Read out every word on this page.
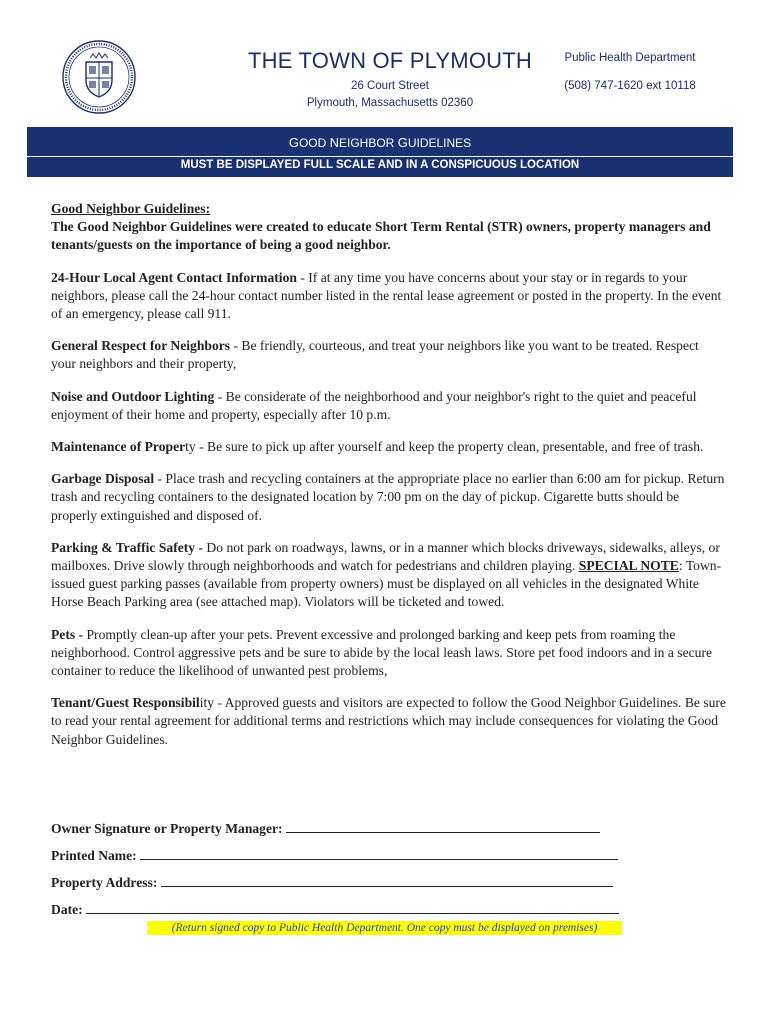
THE TOWN OF PLYMOUTH
26 Court Street
Plymouth, Massachusetts 02360
Public Health Department
(508) 747-1620 ext 10118
GOOD NEIGHBOR GUIDELINES
MUST BE DISPLAYED FULL SCALE AND IN A CONSPICUOUS LOCATION

Good Neighbor Guidelines:
The Good Neighbor Guidelines were created to educate Short Term Rental (STR) owners, property managers and tenants/guests on the importance of being a good neighbor.

24-Hour Local Agent Contact Information - If at any time you have concerns about your stay or in regards to your neighbors, please call the 24-hour contact number listed in the rental lease agreement or posted in the property. In the event of an emergency, please call 911.

General Respect for Neighbors - Be friendly, courteous, and treat your neighbors like you want to be treated. Respect your neighbors and their property,

Noise and Outdoor Lighting - Be considerate of the neighborhood and your neighbor's right to the quiet and peaceful enjoyment of their home and property, especially after 10 p.m.

Maintenance of Property - Be sure to pick up after yourself and keep the property clean, presentable, and free of trash.

Garbage Disposal - Place trash and recycling containers at the appropriate place no earlier than 6:00 am for pickup. Return trash and recycling containers to the designated location by 7:00 pm on the day of pickup. Cigarette butts should be properly extinguished and disposed of.

Parking & Traffic Safety - Do not park on roadways, lawns, or in a manner which blocks driveways, sidewalks, alleys, or mailboxes. Drive slowly through neighborhoods and watch for pedestrians and children playing. SPECIAL NOTE: Town-issued guest parking passes (available from property owners) must be displayed on all vehicles in the designated White Horse Beach Parking area (see attached map). Violators will be ticketed and towed.

Pets - Promptly clean-up after your pets. Prevent excessive and prolonged barking and keep pets from roaming the neighborhood. Control aggressive pets and be sure to abide by the local leash laws. Store pet food indoors and in a secure container to reduce the likelihood of unwanted pest problems,

Tenant/Guest Responsibility - Approved guests and visitors are expected to follow the Good Neighbor Guidelines. Be sure to read your rental agreement for additional terms and restrictions which may include consequences for violating the Good Neighbor Guidelines.

Owner Signature or Property Manager:
Printed Name:
Property Address:
Date:
(Return signed copy to Public Health Department. One copy must be displayed on premises)
